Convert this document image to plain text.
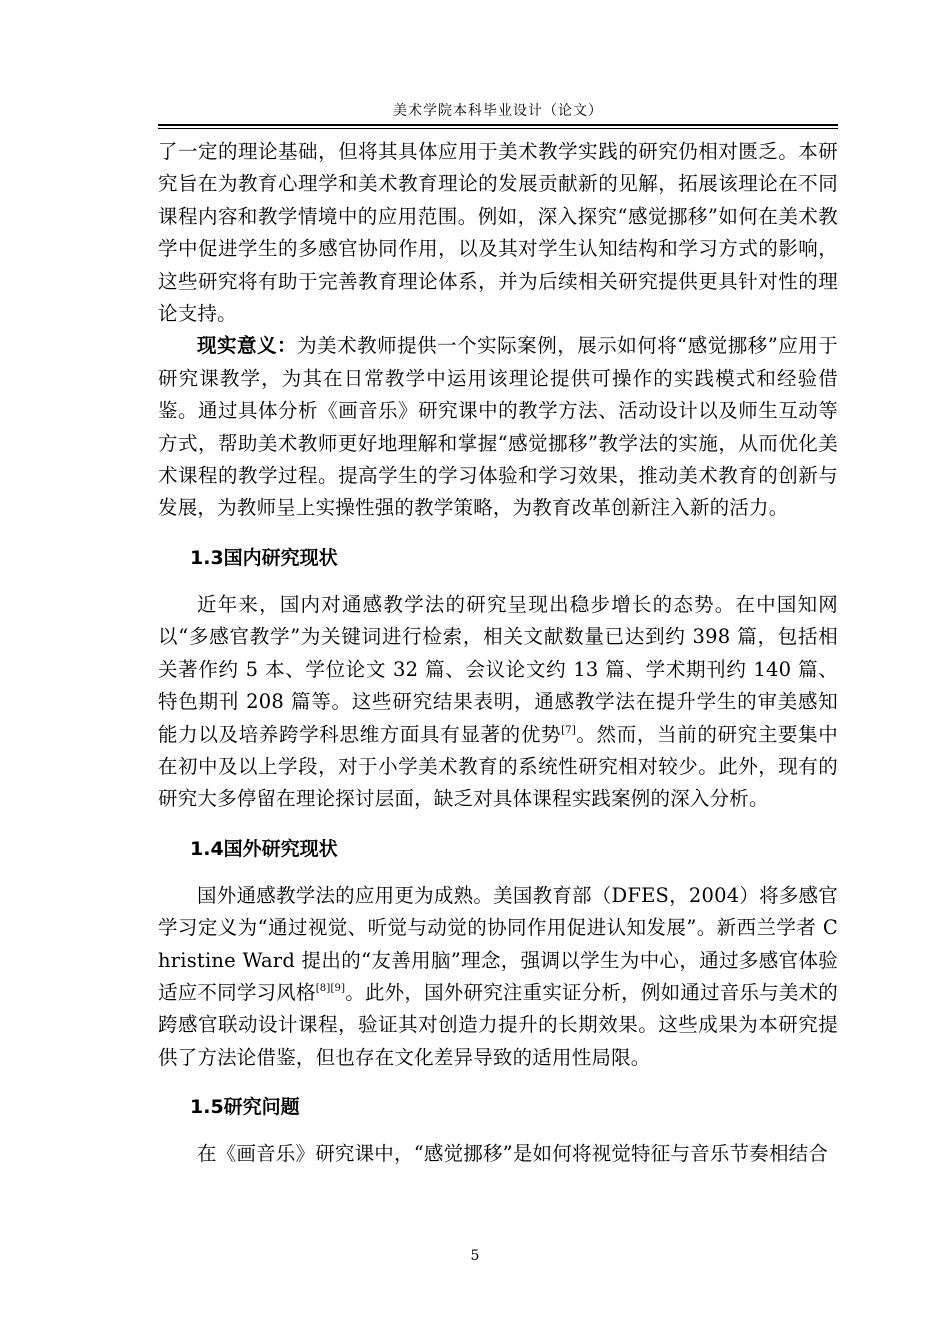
美术学院本科毕业设计（论文）

了一定的理论基础，但将其具体应用于美术教学实践的研究仍相对匮乏。本研究旨在为教育心理学和美术教育理论的发展贡献新的见解，拓展该理论在不同课程内容和教学情境中的应用范围。例如，深入探究“感觉挪移”如何在美术教学中促进学生的多感官协同作用，以及其对学生认知结构和学习方式的影响，这些研究将有助于完善教育理论体系，并为后续相关研究提供更具针对性的理论支持。

现实意义：为美术教师提供一个实际案例，展示如何将“感觉挪移”应用于研究课教学，为其在日常教学中运用该理论提供可操作的实践模式和经验借鉴。通过具体分析《画音乐》研究课中的教学方法、活动设计以及师生互动等方式，帮助美术教师更好地理解和掌握“感觉挪移”教学法的实施，从而优化美术课程的教学过程。提高学生的学习体验和学习效果，推动美术教育的创新与发展，为教师呈上实操性强的教学策略，为教育改革创新注入新的活力。

1.3国内研究现状

近年来，国内对通感教学法的研究呈现出稳步增长的态势。在中国知网以“多感官教学”为关键词进行检索，相关文献数量已达到约 398 篇，包括相关著作约 5 本、学位论文 32 篇、会议论文约 13 篇、学术期刊约 140 篇、特色期刊 208 篇等。这些研究结果表明，通感教学法在提升学生的审美感知能力以及培养跨学科思维方面具有显著的优势[7]。然而，当前的研究主要集中在初中及以上学段，对于小学美术教育的系统性研究相对较少。此外，现有的研究大多停留在理论探讨层面，缺乏对具体课程实践案例的深入分析。

1.4国外研究现状

国外通感教学法的应用更为成熟。美国教育部（DFES，2004）将多感官学习定义为“通过视觉、听觉与动觉的协同作用促进认知发展”。新西兰学者 Christine Ward 提出的“友善用脑”理念，强调以学生为中心，通过多感官体验适应不同学习风格[8][9]。此外，国外研究注重实证分析，例如通过音乐与美术的跨感官联动设计课程，验证其对创造力提升的长期效果。这些成果为本研究提供了方法论借鉴，但也存在文化差异导致的适用性局限。

1.5研究问题

在《画音乐》研究课中，“感觉挪移”是如何将视觉特征与音乐节奏相结合

5
